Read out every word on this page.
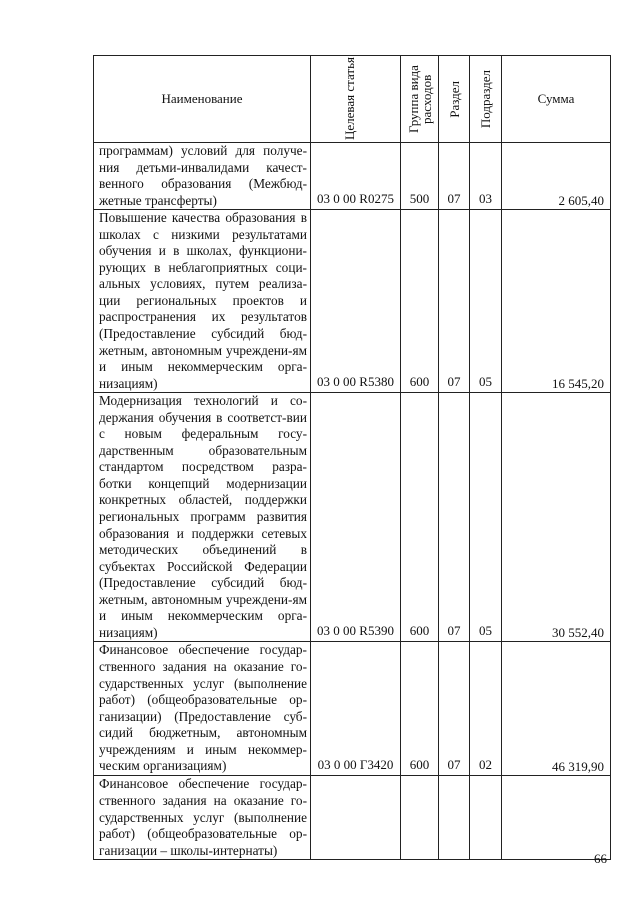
Наименование	Целевая статья	Группа вида расходов	Раздел	Подраздел	Сумма

программам) условий для получе-ния детьми-инвалидами качест-венного образования (Межбюд-жетные трансферты)	03 0 00 R0275	500	07	03	2 605,40

Повышение качества образования в школах с низкими результатами обучения и в школах, функциони-рующих в неблагоприятных соци-альных условиях, путем реализа-ции региональных проектов и распространения их результатов (Предоставление субсидий бюд-жетным, автономным учреждени-ям и иным некоммерческим орга-низациям)	03 0 00 R5380	600	07	05	16 545,20

Модернизация технологий и со-держания обучения в соответст-вии с новым федеральным госу-дарственным образовательным стандартом посредством разра-ботки концепций модернизации конкретных областей, поддержки региональных программ развития образования и поддержки сетевых методических объединений в субъектах Российской Федерации (Предоставление субсидий бюд-жетным, автономным учреждени-ям и иным некоммерческим орга-низациям)	03 0 00 R5390	600	07	05	30 552,40

Финансовое обеспечение государ-ственного задания на оказание го-сударственных услуг (выполнение работ) (общеобразовательные ор-ганизации) (Предоставление суб-сидий бюджетным, автономным учреждениям и иным некоммер-ческим организациям)	03 0 00 Г3420	600	07	02	46 319,90

Финансовое обеспечение государ-ственного задания на оказание го-сударственных услуг (выполнение работ) (общеобразовательные ор-ганизации – школы-интернаты)					

66
